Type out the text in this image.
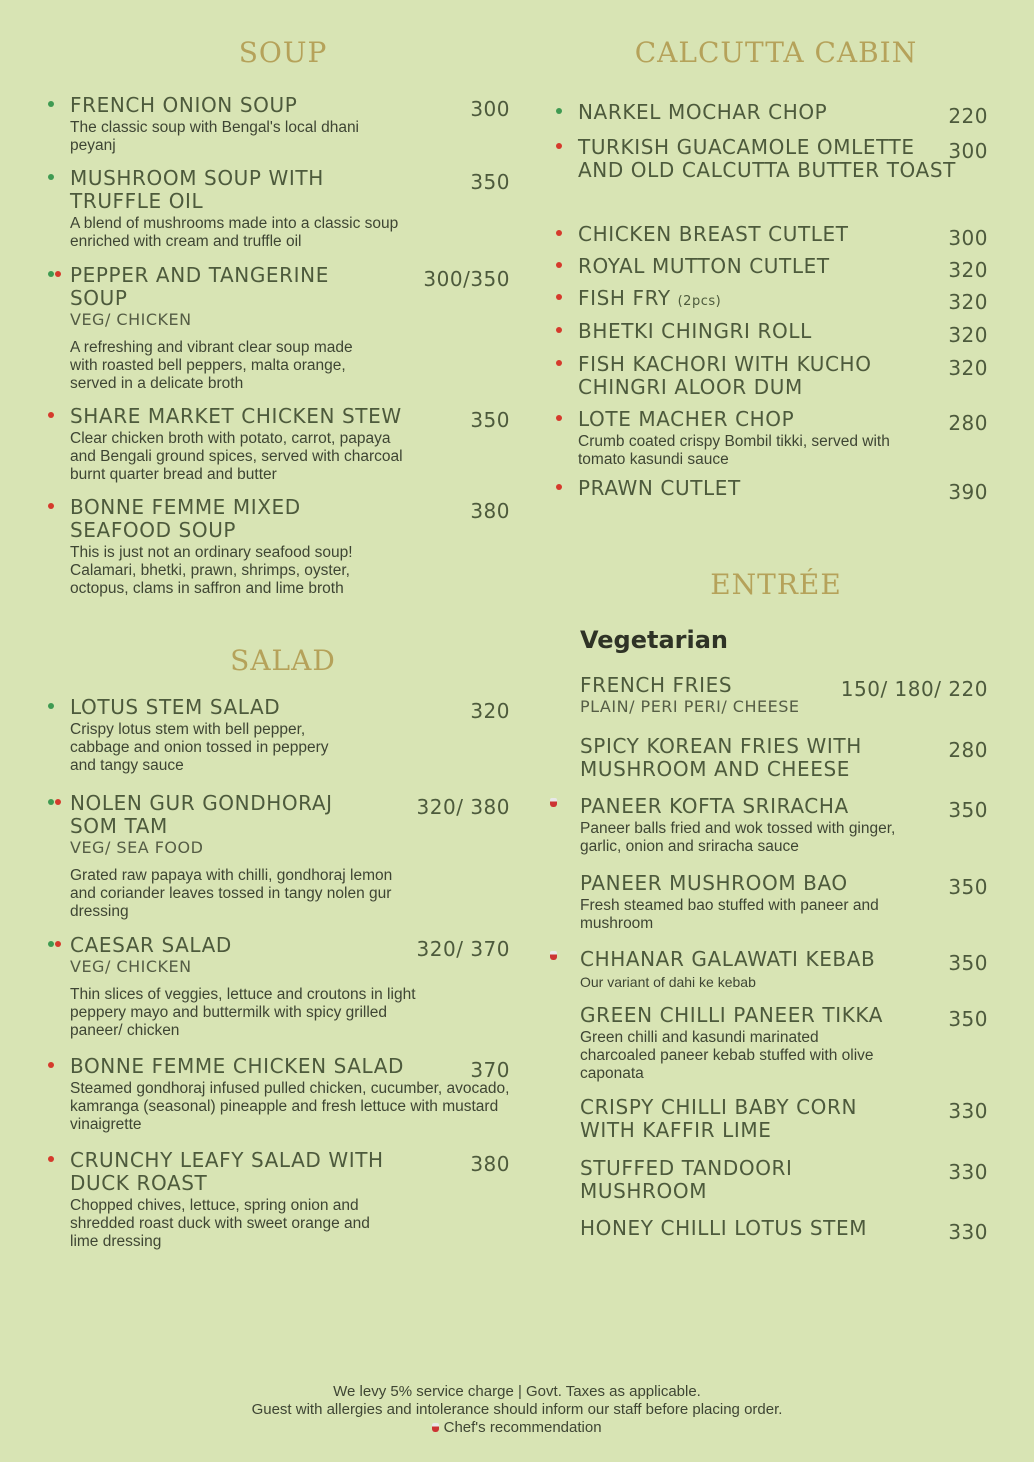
SOUP
FRENCH ONION SOUP	300
The classic soup with Bengal's local dhani peyanj
MUSHROOM SOUP WITH TRUFFLE OIL
350
A blend of mushrooms made into a classic soup enriched with cream and truffle oil
PEPPER AND TANGERINE SOUP
300/350
VEG/ CHICKEN
A refreshing and vibrant clear soup made with roasted bell peppers, malta orange, served in a delicate broth
SHARE MARKET CHICKEN STEW	350
Clear chicken broth with potato, carrot, papaya and Bengali ground spices, served with charcoal burnt quarter bread and butter
BONNE FEMME MIXED SEAFOOD SOUP
380
This is just not an ordinary seafood soup! Calamari, bhetki, prawn, shrimps, oyster, octopus, clams in saffron and lime broth
SALAD
LOTUS STEM SALAD	320
Crispy lotus stem with bell pepper, cabbage and onion tossed in peppery and tangy sauce
NOLEN GUR GONDHORAJ SOM TAM
320/ 380
VEG/ SEA FOOD
Grated raw papaya with chilli, gondhoraj lemon and coriander leaves tossed in tangy nolen gur dressing
CAESAR SALAD	320/ 370
VEG/ CHICKEN
Thin slices of veggies, lettuce and croutons in light peppery mayo and buttermilk with spicy grilled paneer/ chicken
BONNE FEMME CHICKEN SALAD	370
Steamed gondhoraj infused pulled chicken, cucumber, avocado, kamranga (seasonal) pineapple and fresh lettuce with mustard vinaigrette
CRUNCHY LEAFY SALAD WITH DUCK ROAST
380
Chopped chives, lettuce, spring onion and shredded roast duck with sweet orange and lime dressing
CALCUTTA CABIN
NARKEL MOCHAR CHOP	220
TURKISH GUACAMOLE OMLETTE AND OLD CALCUTTA BUTTER TOAST
300
CHICKEN BREAST CUTLET	300
ROYAL MUTTON CUTLET	320
FISH FRY (2pcs)	320
BHETKI CHINGRI ROLL	320
FISH KACHORI WITH KUCHO CHINGRI ALOOR DUM
320
LOTE MACHER CHOP	280
Crumb coated crispy Bombil tikki, served with tomato kasundi sauce
PRAWN CUTLET	390
ENTRÉE
Vegetarian
FRENCH FRIES	150/ 180/ 220
PLAIN/ PERI PERI/ CHEESE
SPICY KOREAN FRIES WITH MUSHROOM AND CHEESE
280
PANEER KOFTA SRIRACHA	350
Paneer balls fried and wok tossed with ginger, garlic, onion and sriracha sauce
PANEER MUSHROOM BAO	350
Fresh steamed bao stuffed with paneer and mushroom
CHHANAR GALAWATI KEBAB	350
Our variant of dahi ke kebab
GREEN CHILLI PANEER TIKKA	350
Green chilli and kasundi marinated charcoaled paneer kebab stuffed with olive caponata
CRISPY CHILLI BABY CORN WITH KAFFIR LIME
330
STUFFED TANDOORI MUSHROOM
330
HONEY CHILLI LOTUS STEM	330
We levy 5% service charge | Govt. Taxes as applicable.
Guest with allergies and intolerance should inform our staff before placing order.
Chef's recommendation
